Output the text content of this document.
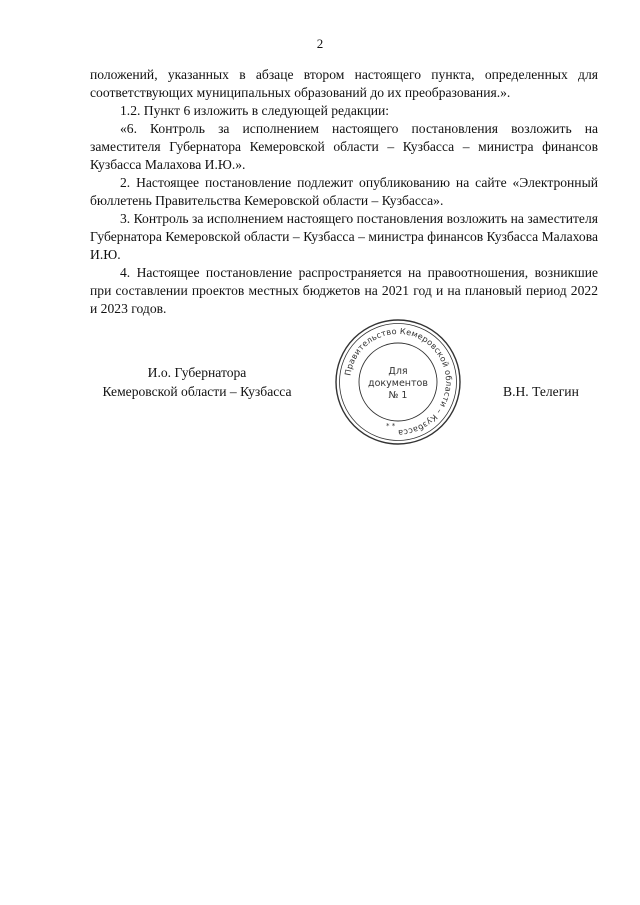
2

положений, указанных в абзаце втором настоящего пункта, определенных для соответствующих муниципальных образований до их преобразования.».

1.2. Пункт 6 изложить в следующей редакции:

«6. Контроль за исполнением настоящего постановления возложить на заместителя Губернатора Кемеровской области – Кузбасса – министра финансов Кузбасса Малахова И.Ю.».

2. Настоящее постановление подлежит опубликованию на сайте «Электронный бюллетень Правительства Кемеровской области – Кузбасса».

3. Контроль за исполнением настоящего постановления возложить на заместителя Губернатора Кемеровской области – Кузбасса – министра финансов Кузбасса Малахова И.Ю.

4. Настоящее постановление распространяется на правоотношения, возникшие при составлении проектов местных бюджетов на 2021 год и на плановый период 2022 и 2023 годов.

И.о. Губернатора
Кемеровской области – Кузбасса
Правительство Кемеровской области – Кузбасса
* *
Для
документов
№ 1	В.Н. Телегин
